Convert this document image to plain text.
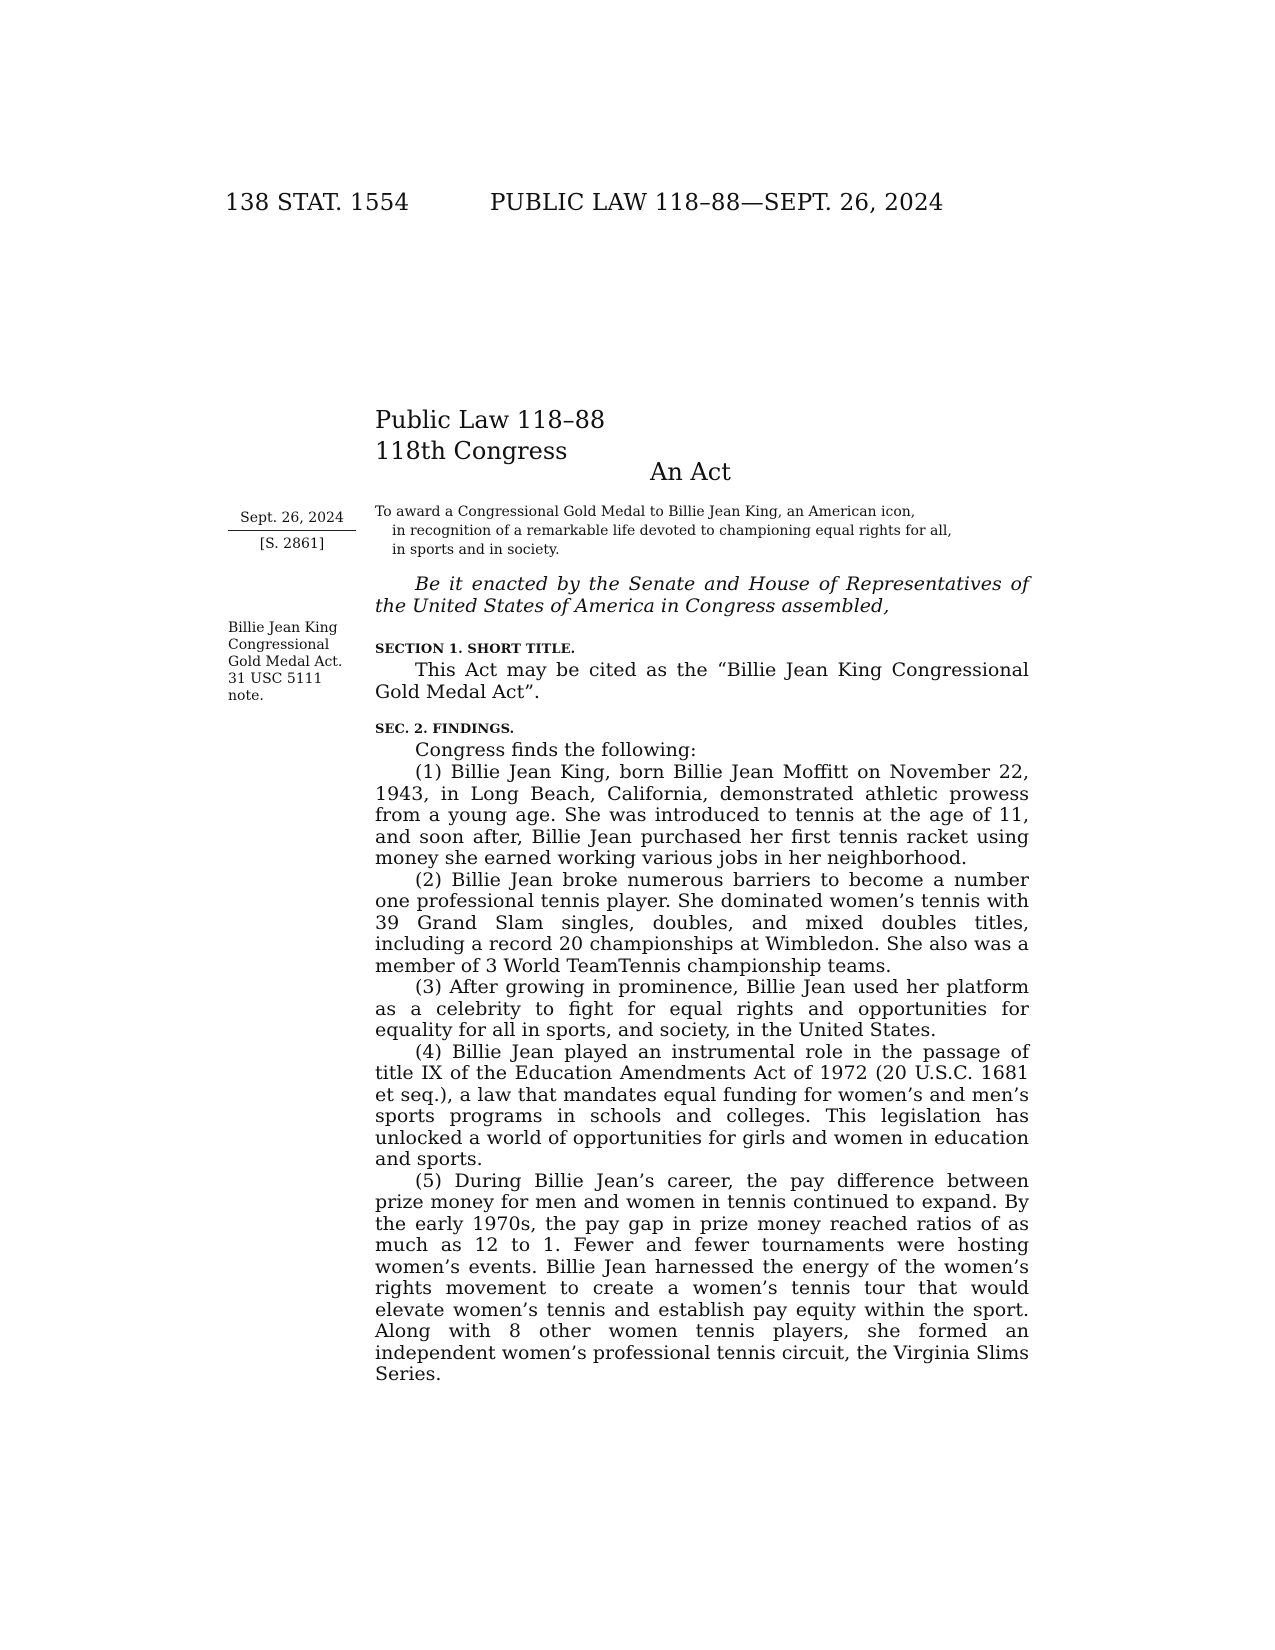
138 STAT. 1554	PUBLIC LAW 118–88—SEPT. 26, 2024
Public Law 118–88
118th Congress
An Act
Sept. 26, 2024
[S. 2861]
To award a Congressional Gold Medal to Billie Jean King, an American icon,
in recognition of a remarkable life devoted to championing equal rights for all,
in sports and in society.
Be it enacted by the Senate and House of Representatives of the United States of America in Congress assembled,
Billie Jean King
Congressional
Gold Medal Act.
31 USC 5111
note.
SECTION 1. SHORT TITLE.
This Act may be cited as the “Billie Jean King Congressional Gold Medal Act”.
SEC. 2. FINDINGS.
Congress finds the following:
(1) Billie Jean King, born Billie Jean Moffitt on November 22, 1943, in Long Beach, California, demonstrated athletic prowess from a young age. She was introduced to tennis at the age of 11, and soon after, Billie Jean purchased her first tennis racket using money she earned working various jobs in her neighborhood.
(2) Billie Jean broke numerous barriers to become a number one professional tennis player. She dominated women’s tennis with 39 Grand Slam singles, doubles, and mixed doubles titles, including a record 20 championships at Wimbledon. She also was a member of 3 World TeamTennis championship teams.
(3) After growing in prominence, Billie Jean used her platform as a celebrity to fight for equal rights and opportunities for equality for all in sports, and society, in the United States.
(4) Billie Jean played an instrumental role in the passage of title IX of the Education Amendments Act of 1972 (20 U.S.C. 1681 et seq.), a law that mandates equal funding for women’s and men’s sports programs in schools and colleges. This legislation has unlocked a world of opportunities for girls and women in education and sports.
(5) During Billie Jean’s career, the pay difference between prize money for men and women in tennis continued to expand. By the early 1970s, the pay gap in prize money reached ratios of as much as 12 to 1. Fewer and fewer tournaments were hosting women’s events. Billie Jean harnessed the energy of the women’s rights movement to create a women’s tennis tour that would elevate women’s tennis and establish pay equity within the sport. Along with 8 other women tennis players, she formed an independent women’s professional tennis circuit, the Virginia Slims Series.
